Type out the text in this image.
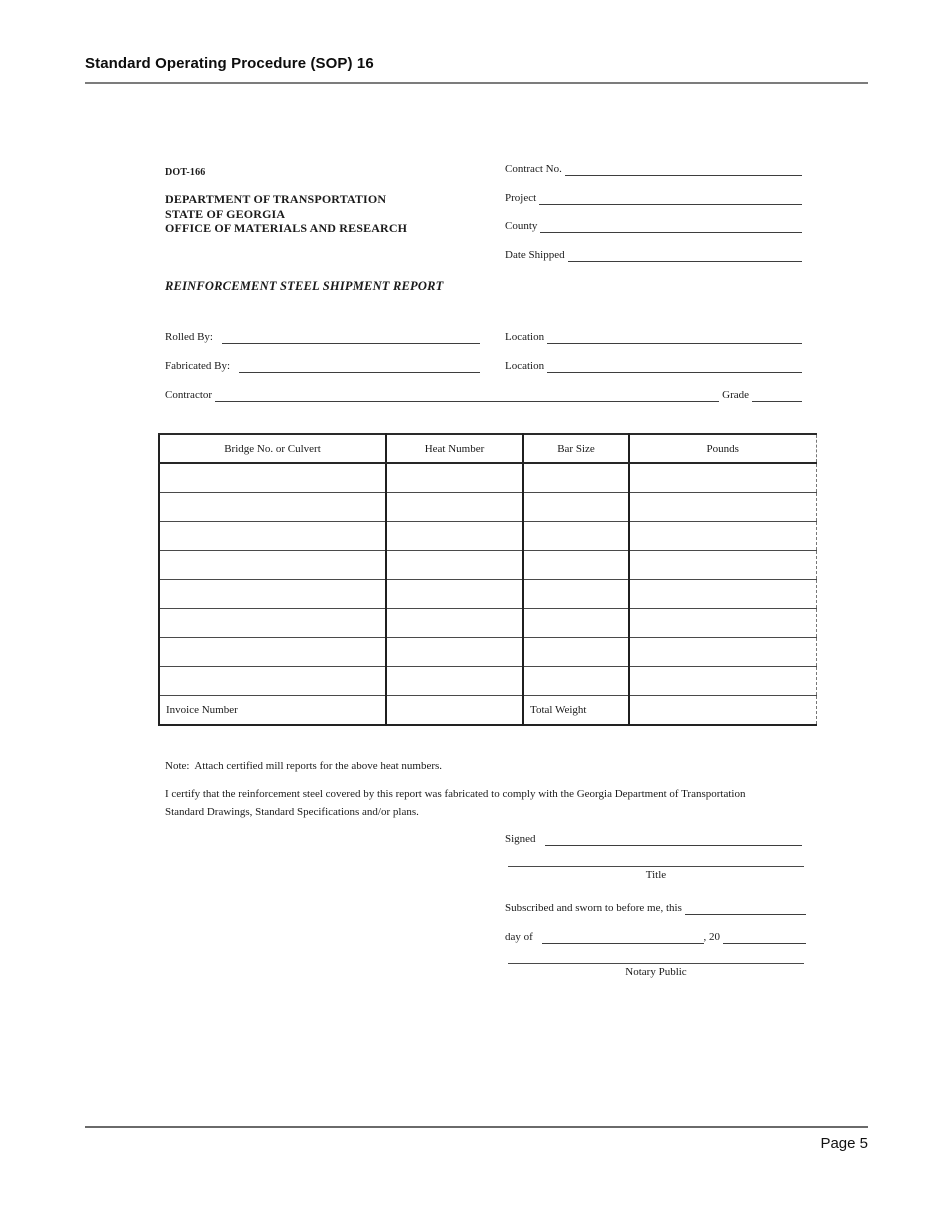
Standard Operating Procedure (SOP) 16
DOT-166
DEPARTMENT OF TRANSPORTATION
STATE OF GEORGIA
OFFICE OF MATERIALS AND RESEARCH
REINFORCEMENT STEEL SHIPMENT REPORT
Contract No.
Project
County
Date Shipped
Rolled By:	Location
Fabricated By:	Location
Contractor	Grade
Bridge No. or Culvert	Heat Number	Bar Size	Pounds

Invoice Number		Total Weight	
Note:  Attach certified mill reports for the above heat numbers.
I certify that the reinforcement steel covered by this report was fabricated to comply with the Georgia Department of Transportation
Standard Drawings, Standard Specifications and/or plans.
Signed
Title
Subscribed and sworn to before me, this
day of	, 20
Notary Public
Page 5
